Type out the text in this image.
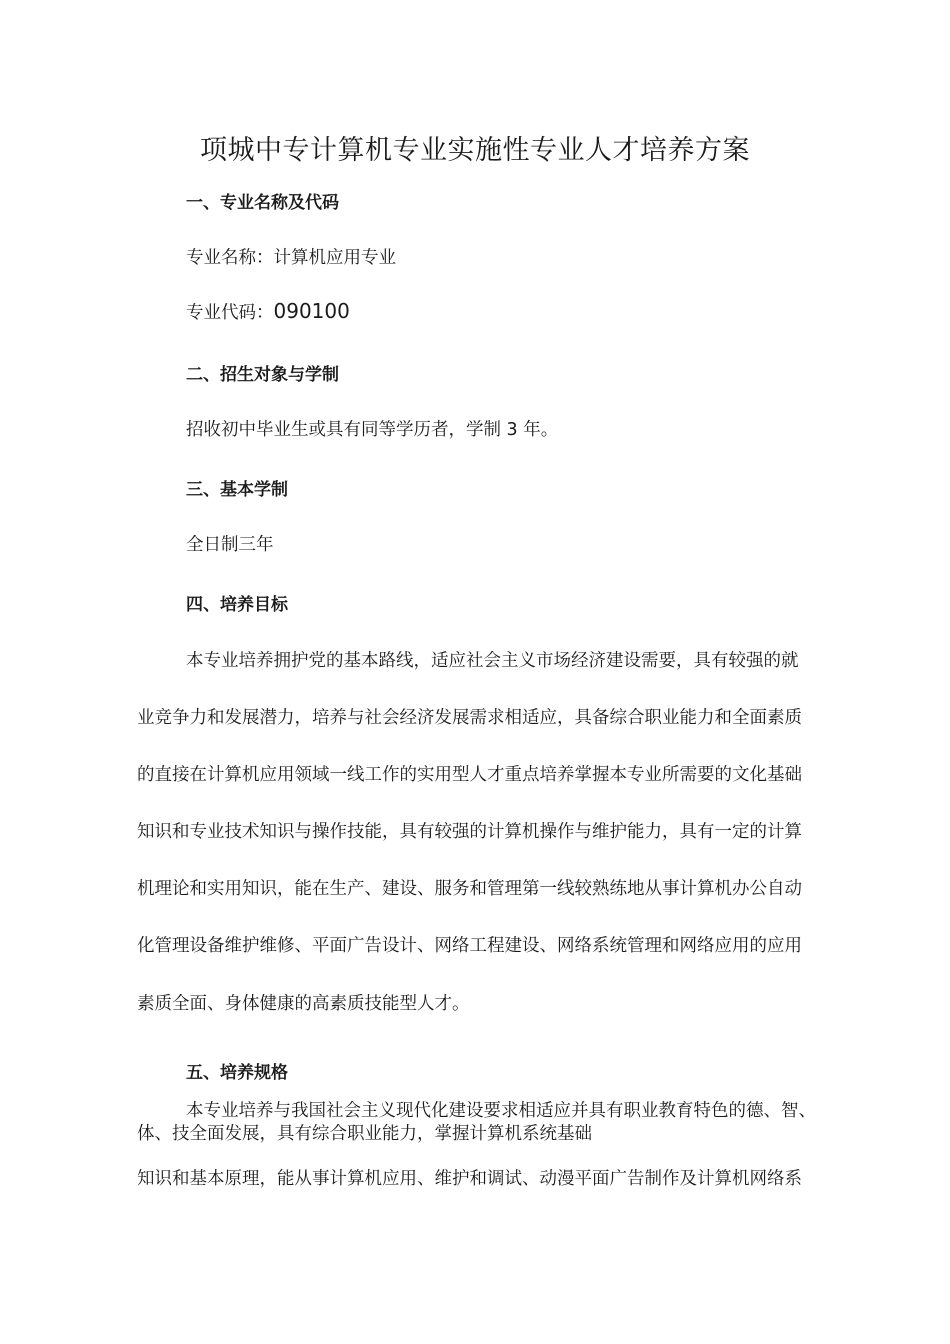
项城中专计算机专业实施性专业人才培养方案
一、专业名称及代码
专业名称：计算机应用专业
专业代码：090100
二、招生对象与学制
招收初中毕业生或具有同等学历者，学制 3 年。
三、基本学制
全日制三年
四、培养目标
本专业培养拥护党的基本路线，适应社会主义市场经济建设需要，具有较强的就
业竞争力和发展潜力，培养与社会经济发展需求相适应，具备综合职业能力和全面素质
的直接在计算机应用领域一线工作的实用型人才重点培养掌握本专业所需要的文化基础
知识和专业技术知识与操作技能，具有较强的计算机操作与维护能力，具有一定的计算
机理论和实用知识，能在生产、建设、服务和管理第一线较熟练地从事计算机办公自动
化管理设备维护维修、平面广告设计、网络工程建设、网络系统管理和网络应用的应用
素质全面、身体健康的高素质技能型人才。
五、培养规格
本专业培养与我国社会主义现代化建设要求相适应并具有职业教育特色的德、智、
体、技全面发展，具有综合职业能力，掌握计算机系统基础
知识和基本原理，能从事计算机应用、维护和调试、动漫平面广告制作及计算机网络系
